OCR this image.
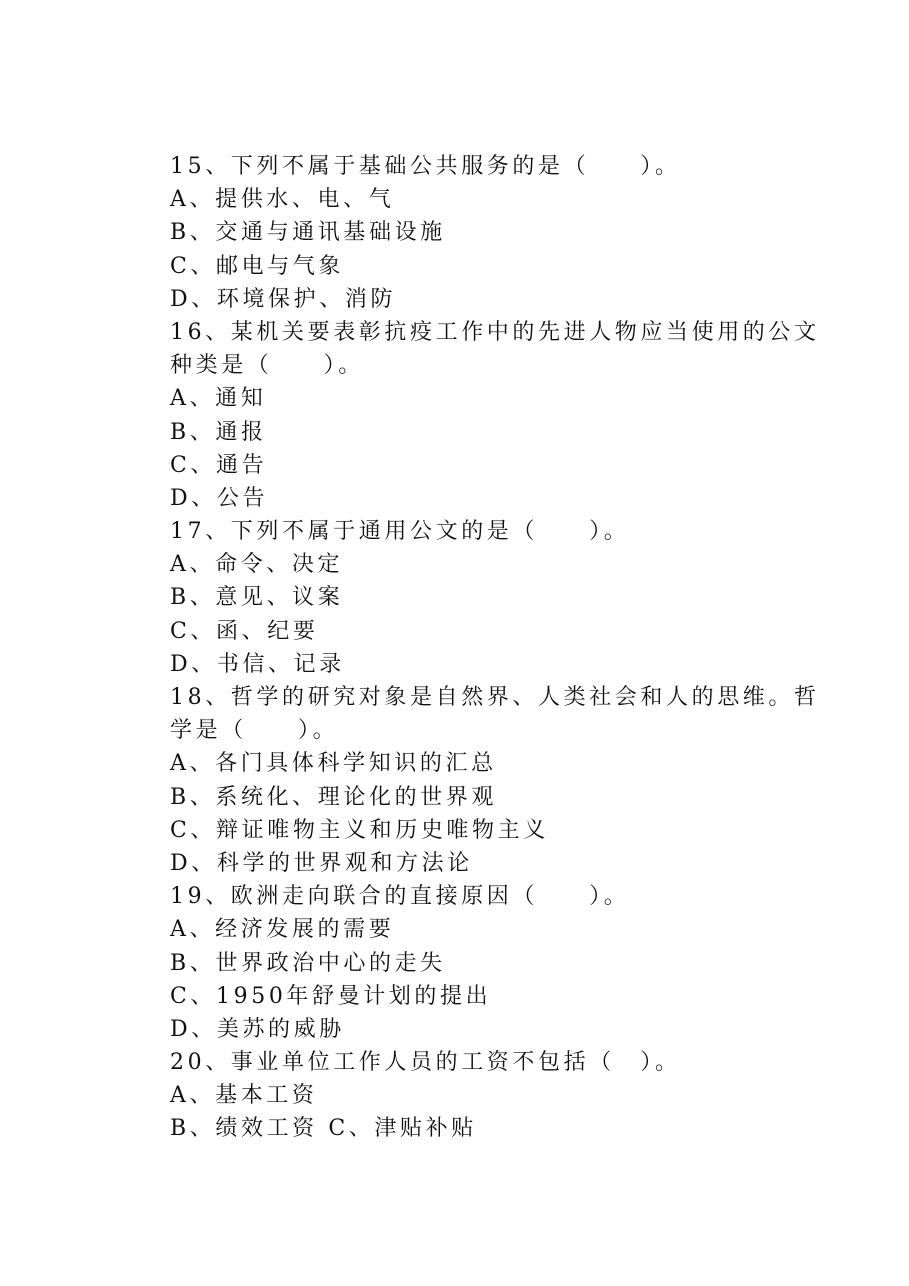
15、下列不属于基础公共服务的是（　　）。
A、提供水、电、气
B、交通与通讯基础设施
C、邮电与气象
D、环境保护、消防
16、某机关要表彰抗疫工作中的先进人物应当使用的公文
种类是（　　）。
A、通知
B、通报
C、通告
D、公告
17、下列不属于通用公文的是（　　）。
A、命令、决定
B、意见、议案
C、函、纪要
D、书信、记录
18、哲学的研究对象是自然界、人类社会和人的思维。哲
学是（　　）。
A、各门具体科学知识的汇总
B、系统化、理论化的世界观
C、辩证唯物主义和历史唯物主义
D、科学的世界观和方法论
19、欧洲走向联合的直接原因（　　）。
A、经济发展的需要
B、世界政治中心的走失
C、1950年舒曼计划的提出
D、美苏的威胁
20、事业单位工作人员的工资不包括（　）。
A、基本工资
B、绩效工资 C、津贴补贴
